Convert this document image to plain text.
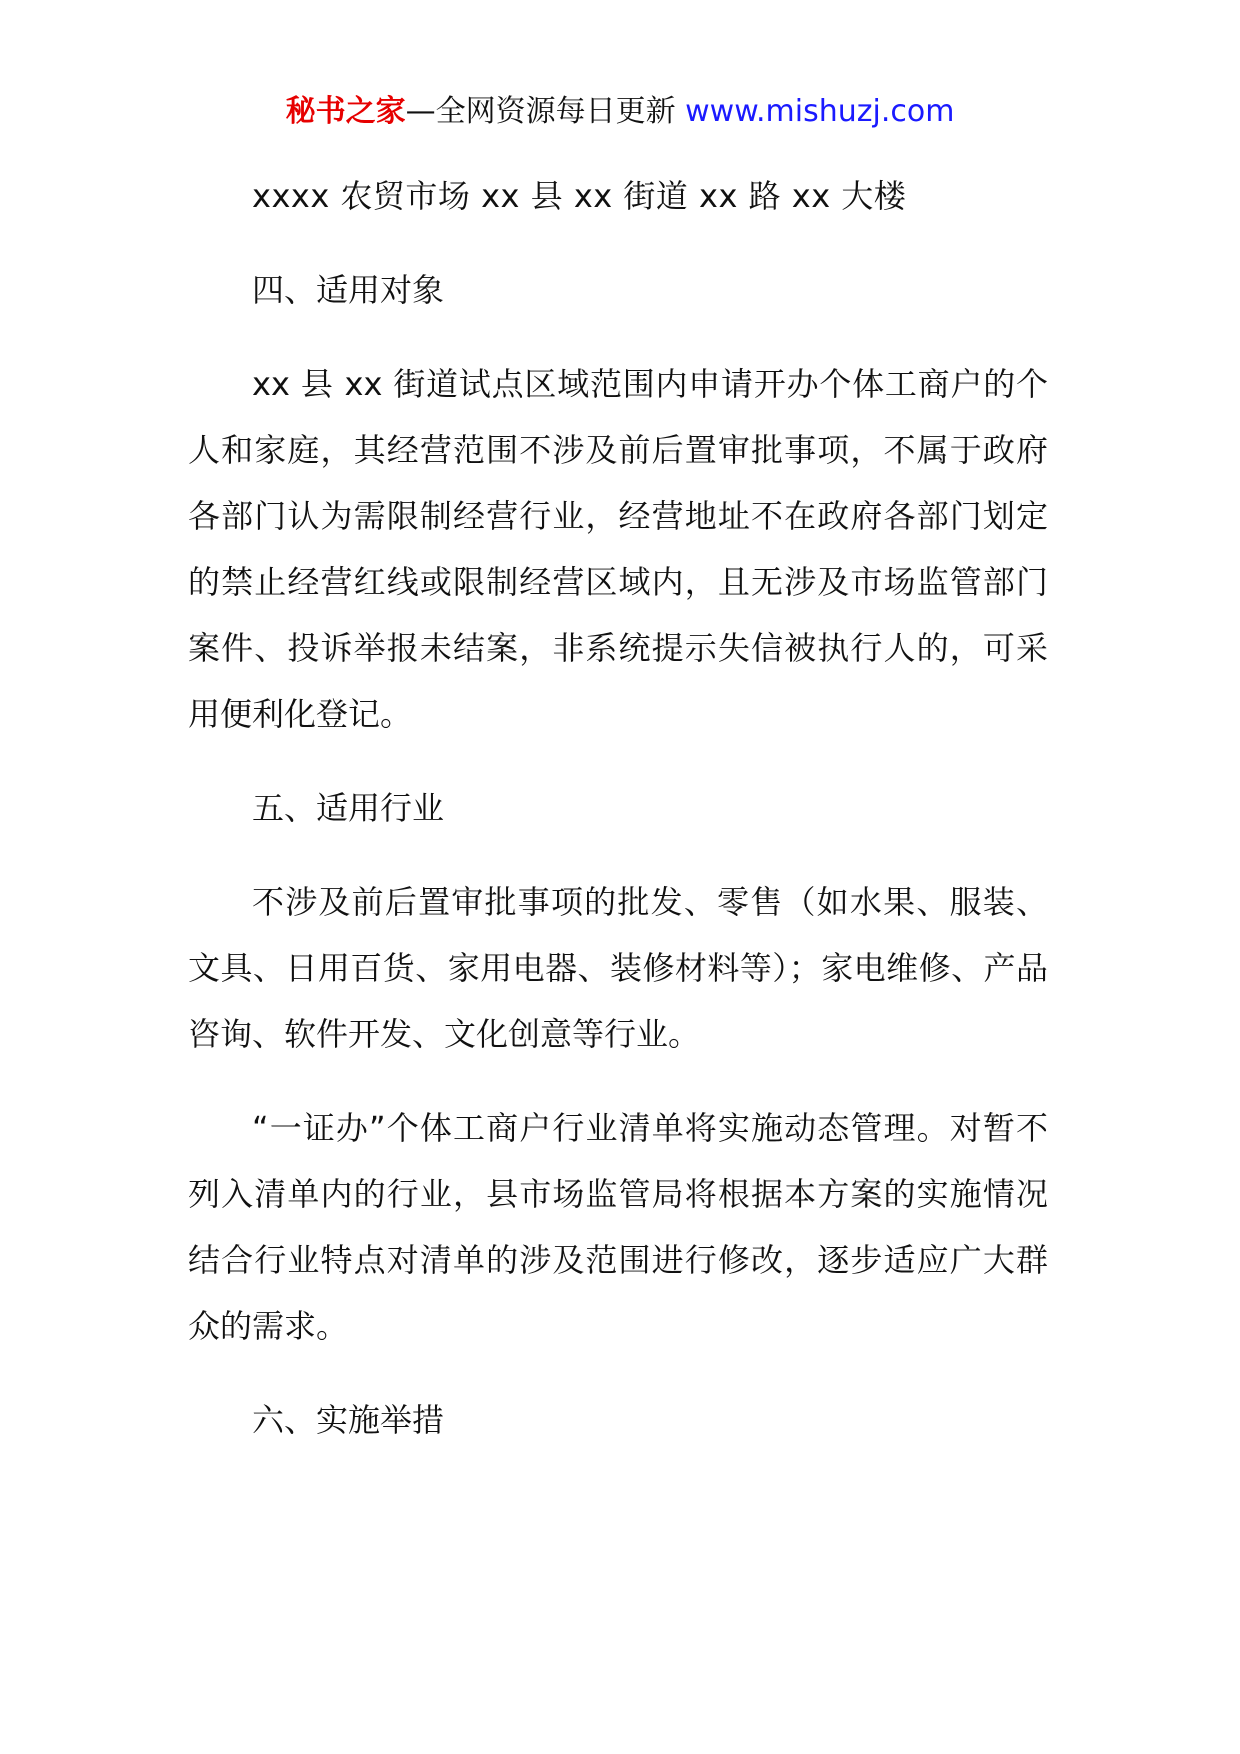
秘书之家—全网资源每日更新 www.mishuzj.com

xxxx 农贸市场 xx 县 xx 街道 xx 路 xx 大楼

四、适用对象

xx 县 xx 街道试点区域范围内申请开办个体工商户的个人和家庭，其经营范围不涉及前后置审批事项，不属于政府各部门认为需限制经营行业，经营地址不在政府各部门划定的禁止经营红线或限制经营区域内，且无涉及市场监管部门案件、投诉举报未结案，非系统提示失信被执行人的，可采用便利化登记。

五、适用行业

不涉及前后置审批事项的批发、零售（如水果、服装、文具、日用百货、家用电器、装修材料等）；家电维修、产品咨询、软件开发、文化创意等行业。

“一证办”个体工商户行业清单将实施动态管理。对暂不列入清单内的行业，县市场监管局将根据本方案的实施情况结合行业特点对清单的涉及范围进行修改，逐步适应广大群众的需求。

六、实施举措
